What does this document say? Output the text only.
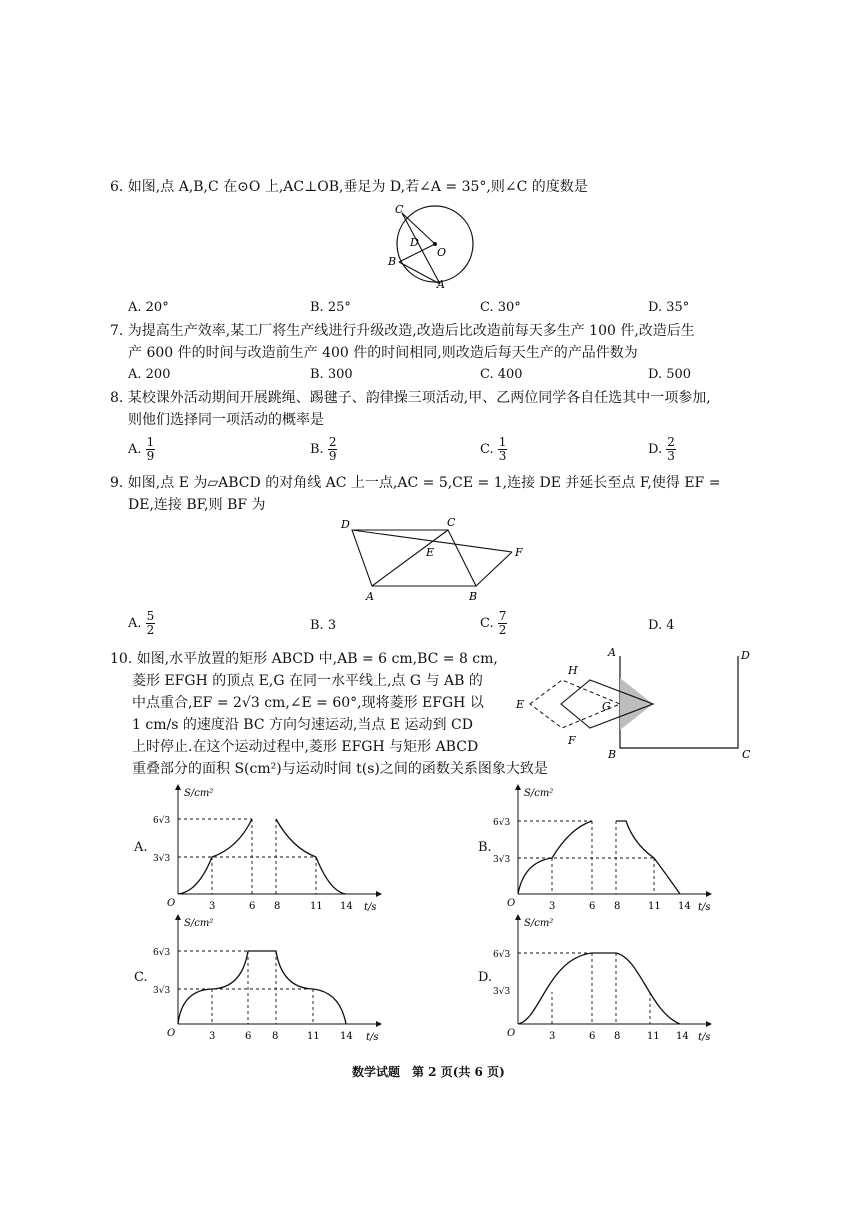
6. 如图,点 A,B,C 在⊙O 上,AC⊥OB,垂足为 D,若∠A = 35°,则∠C 的度数是
C
D
O
B
A
A. 20°	B. 25°	C. 30°	D. 35°
7. 为提高生产效率,某工厂将生产线进行升级改造,改造后比改造前每天多生产 100 件,改造后生
产 600 件的时间与改造前生产 400 件的时间相同,则改造后每天生产的产品件数为
A. 200	B. 300	C. 400	D. 500
8. 某校课外活动期间开展跳绳、踢毽子、韵律操三项活动,甲、乙两位同学各自任选其中一项参加,
则他们选择同一项活动的概率是
A. $\frac{1}{9}$	B. $\frac{2}{9}$	C. $\frac{1}{3}$	D. $\frac{2}{3}$
9. 如图,点 E 为▱ABCD 的对角线 AC 上一点,AC = 5,CE = 1,连接 DE 并延长至点 F,使得 EF =
DE,连接 BF,则 BF 为
D	C
E	F
A	B
A. $\frac{5}{2}$	B. 3	C. $\frac{7}{2}$	D. 4
10. 如图,水平放置的矩形 ABCD 中,AB = 6 cm,BC = 8 cm,
菱形 EFGH 的顶点 E,G 在同一水平线上,点 G 与 AB 的
中点重合,EF = 2√3 cm,∠E = 60°,现将菱形 EFGH 以
1 cm/s 的速度沿 BC 方向匀速运动,当点 E 运动到 CD
上时停止.在这个运动过程中,菱形 EFGH 与矩形 ABCD
重叠部分的面积 S(cm²)与运动时间 t(s)之间的函数关系图象大致是
A	D
H
E	G
F
B	C
A.
S/cm²
t/s
O
6√3
3√3
3	6 8	11 14
B.
S/cm²
t/s
O
6√3
3√3
3	6 8	11 14
C.
S/cm²
t/s
O
6√3
3√3
3	6 8	11 14
D.
S/cm²
t/s
O
6√3
3√3
3	6 8	11 14
数学试题　第 2 页(共 6 页)
